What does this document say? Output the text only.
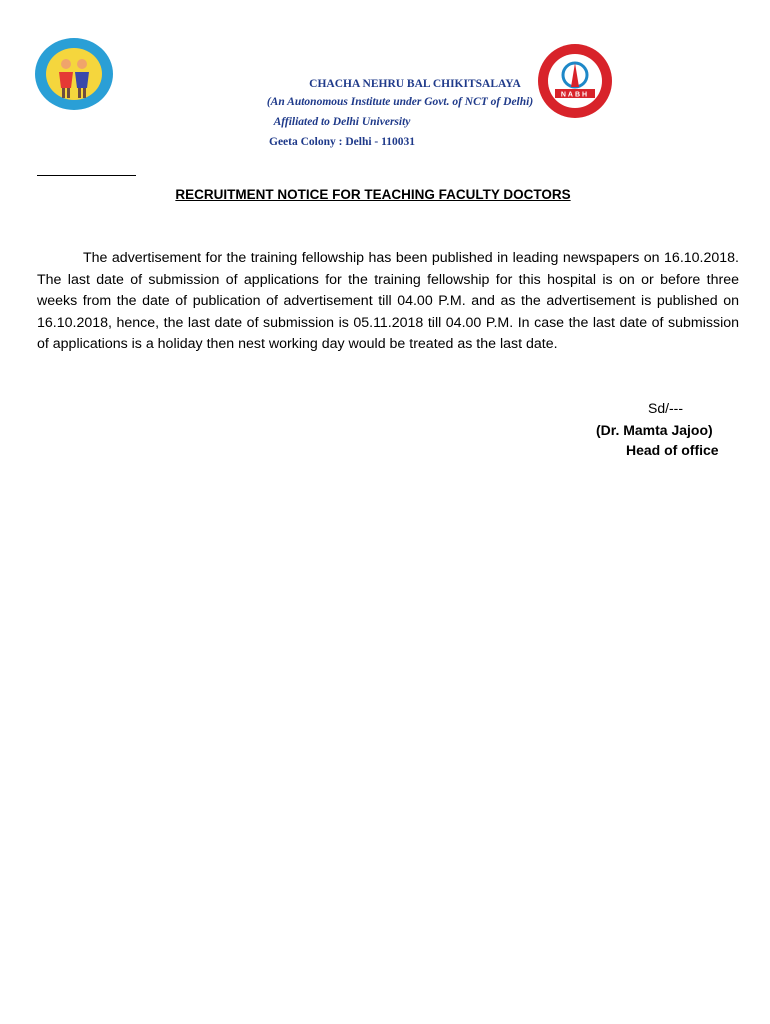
NABH
CHACHA NEHRU BAL CHIKITSALAYA
(An Autonomous Institute under Govt. of NCT of Delhi)
Affiliated to Delhi University
Geeta Colony : Delhi - 110031
RECRUITMENT NOTICE FOR TEACHING FACULTY DOCTORS

The advertisement for the training fellowship has been published in leading newspapers on 16.10.2018. The last date of submission of applications for the training fellowship for this hospital is on or before three weeks from the date of publication of advertisement till 04.00 P.M. and as the advertisement is published on 16.10.2018, hence, the last date of submission is 05.11.2018 till 04.00 P.M. In case the last date of submission of applications is a holiday then nest working day would be treated as the last date.

Sd/---
(Dr. Mamta Jajoo)
Head of office
